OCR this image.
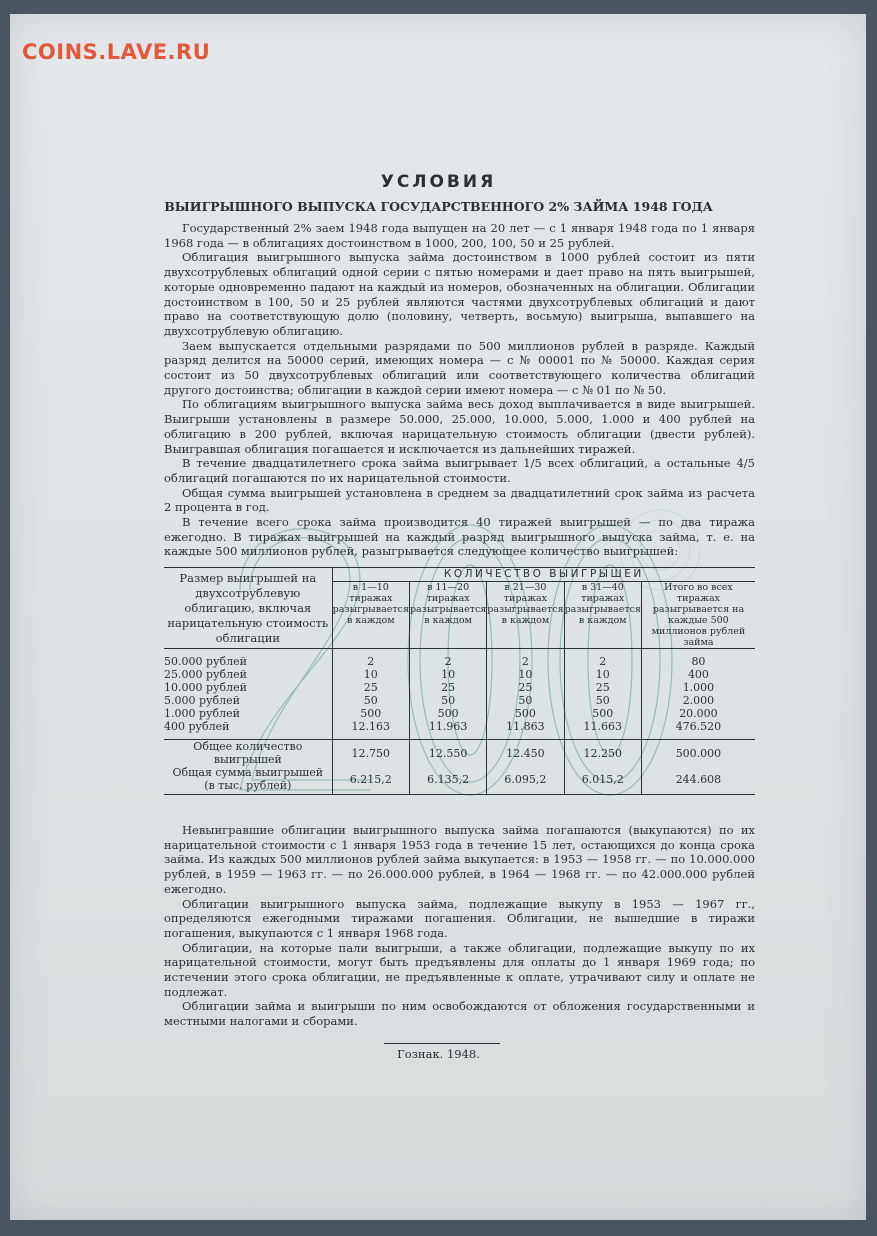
COINS.LAVE.RU
УСЛОВИЯ
ВЫИГРЫШНОГО ВЫПУСКА ГОСУДАРСТВЕННОГО 2% ЗАЙМА 1948 ГОДА

Государственный 2% заем 1948 года выпущен на 20 лет — с 1 января 1948 года по 1 января 1968 года — в облигациях достоинством в 1000, 200, 100, 50 и 25 рублей.

Облигация выигрышного выпуска займа достоинством в 1000 рублей состоит из пяти двухсотрублевых облигаций одной серии с пятью номерами и дает право на пять выигрышей, которые одновременно падают на каждый из номеров, обозначенных на облигации. Облигации достоинством в 100, 50 и 25 рублей являются частями двухсотрублевых облигаций и дают право на соответствующую долю (половину, четверть, восьмую) выигрыша, выпавшего на двухсотрублевую облигацию.

Заем выпускается отдельными разрядами по 500 миллионов рублей в разряде. Каждый разряд делится на 50000 серий, имеющих номера — с № 00001 по № 50000. Каждая серия состоит из 50 двухсотрублевых облигаций или соответствующего количества облигаций другого достоинства; облигации в каждой серии имеют номера — с № 01 по № 50.

По облигациям выигрышного выпуска займа весь доход выплачивается в виде выигрышей. Выигрыши установлены в размере 50.000, 25.000, 10.000, 5.000, 1.000 и 400 рублей на облигацию в 200 рублей, включая нарицательную стоимость облигации (двести рублей). Выигравшая облигация погашается и исключается из дальнейших тиражей.

В течение двадцатилетнего срока займа выигрывает 1/5 всех облигаций, а остальные 4/5 облигаций погашаются по их нарицательной стоимости.

Общая сумма выигрышей установлена в среднем за двадцатилетний срок займа из расчета 2 процента в год.

В течение всего срока займа производится 40 тиражей выигрышей — по два тиража ежегодно. В тиражах выигрышей на каждый разряд выигрышного выпуска займа, т. е. на каждые 500 миллионов рублей, разыгрывается следующее количество выигрышей:

Размер выигрышей на двухсотрублевую облигацию, включая нарицательную стоимость облигации	КОЛИЧЕСТВО ВЫИГРЫШЕЙ				
	в 1—10 тиражах разыгрывается в каждом	в 11—20 тиражах разыгрывается в каждом	в 21—30 тиражах разыгрывается в каждом	в 31—40 тиражах разыгрывается в каждом	Итого во всех тиражах разыгрывается на каждые 500 миллионов рублей займа

50.000 рублей	2	2	2	2	80
25.000 рублей	10	10	10	10	400
10.000 рублей	25	25	25	25	1.000
5.000 рублей	50	50	50	50	2.000
1.000 рублей	500	500	500	500	20.000
400 рублей	12.163	11.963	11.863	11.663	476.520

Общее количество
выигрышей	12.750	12.550	12.450	12.250	500.000

Общая сумма выигрышей
(в тыс. рублей)	6.215,2	6.135,2	6.095,2	6.015,2	244.608

Невыигравшие облигации выигрышного выпуска займа погашаются (выкупаются) по их нарицательной стоимости с 1 января 1953 года в течение 15 лет, остающихся до конца срока займа. Из каждых 500 миллионов рублей займа выкупается: в 1953 — 1958 гг. — по 10.000.000 рублей, в 1959 — 1963 гг. — по 26.000.000 рублей, в 1964 — 1968 гг. — по 42.000.000 рублей ежегодно.

Облигации выигрышного выпуска займа, подлежащие выкупу в 1953 — 1967 гг., определяются ежегодными тиражами погашения. Облигации, не вышедшие в тиражи погашения, выкупаются с 1 января 1968 года.

Облигации, на которые пали выигрыши, а также облигации, подлежащие выкупу по их нарицательной стоимости, могут быть предъявлены для оплаты до 1 января 1969 года; по истечении этого срока облигации, не предъявленные к оплате, утрачивают силу и оплате не подлежат.

Облигации займа и выигрыши по ним освобождаются от обложения государственными и местными налогами и сборами.

Гознак. 1948.
